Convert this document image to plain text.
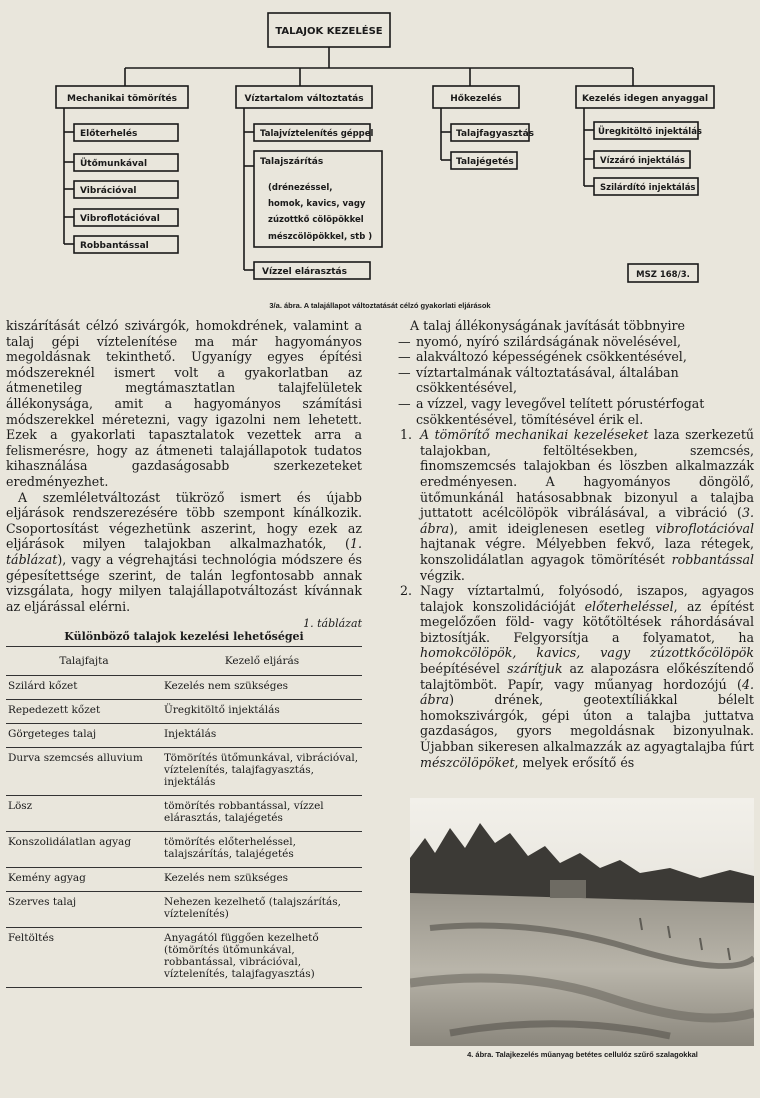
TALAJOK KEZELÉSE
Mechanikai tömörítés	Víztartalom változtatás	Hőkezelés	Kezelés idegen anyaggal
Előterhelés
Ütőmunkával
Vibrációval
Vibroflotációval
Robbantással
Talajvíztelenítés géppel
Talajszárítás
(drénezéssel,
homok, kavics, vagy
zúzottkő cölöpökkel
mészcölöpökkel, stb )
Vízzel elárasztás
Talajfagyasztás
Talajégetés
Üregkitöltő injektálás
Vízzáró injektálás
Szilárdító injektálás
MSZ 168/3.
3/a. ábra. A talajállapot változtatását célzó gyakorlati eljárások

kiszárítását célzó szivárgók, homokdrének, valamint a talaj gépi víztelenítése ma már hagyományos megoldásnak tekinthető. Ugyanígy egyes építési módszereknél ismert volt a gyakorlatban az átmenetileg megtámasztatlan talajfelületek állékonysága, amit a hagyományos számítási módszerekkel méretezni, vagy igazolni nem lehetett. Ezek a gyakorlati tapasztalatok vezettek arra a felismerésre, hogy az átmeneti talajállapotok tudatos kihasználása gazdaságosabb szerkezeteket eredményezhet.

A szemléletváltozást tükröző ismert és újabb eljárások rendszerezésére több szempont kínálkozik. Csoportosítást végezhetünk aszerint, hogy ezek az eljárások milyen talajokban alkalmazhatók, (1. táblázat), vagy a végrehajtási technológia módszere és gépesítettsége szerint, de talán legfontosabb annak vizsgálata, hogy milyen talajállapotváltozást kívánnak az eljárással elérni.

1. táblázat
Különböző talajok kezelési lehetőségei
Talajfajta	Kezelő eljárás
Szilárd kőzet	Kezelés nem szükséges
Repedezett kőzet	Üregkitöltő injektálás
Görgeteges talaj	Injektálás
Durva szemcsés alluvium	Tömörítés ütőmunkával, vibrációval, víztelenítés, talajfagyasztás, injektálás
Lösz	tömörítés robbantással, vízzel elárasztás, talajégetés
Konszolidálatlan agyag	tömörítés előterheléssel, talajszárítás, talajégetés
Kemény agyag	Kezelés nem szükséges
Szerves talaj	Nehezen kezelhető (talajszárítás, víztelenítés)
Feltöltés	Anyagától függően kezelhető (tömörítés ütőmunkával, robbantással, vibrációval, víztelenítés, talajfagyasztás)

A talaj állékonyságának javítását többnyire

— nyomó, nyíró szilárdságának növelésével,
— alakváltozó képességének csökkentésével,
— víztartalmának változtatásával, általában csökkentésével,
— a vízzel, vagy levegővel telített pórustérfogat csökkentésével, tömítésével érik el.
1. A tömörítő mechanikai kezeléseket laza szerkezetű talajokban, feltöltésekben, szemcsés, finomszemcsés talajokban és löszben alkalmazzák eredményesen. A hagyományos döngölő, ütőmunkánál hatásosabbnak bizonyul a talajba juttatott acélcölöpök vibrálásával, a vibráció (3. ábra), amit ideiglenesen esetleg vibroflotációval hajtanak végre. Mélyebben fekvő, laza rétegek, konszolidálatlan agyagok tömörítését robbantással végzik.
2. Nagy víztartalmú, folyósodó, iszapos, agyagos talajok konszolidációját előterheléssel, az építést megelőzően föld- vagy kötőtöltések ráhordásával biztosítják. Felgyorsítja a folyamatot, ha homokcölöpök, kavics, vagy zúzottkőcölöpök beépítésével szárítjuk az alapozásra előkészítendő talajtömböt. Papír, vagy műanyag hordozójú (4. ábra) drének, geotextíliákkal bélelt homokszivárgók, gépi úton a talajba juttatva gazdaságos, gyors megoldásnak bizonyulnak. Újabban sikeresen alkalmazzák az agyagtalajba fúrt mészcölöpöket, melyek erősítő és
4. ábra. Talajkezelés műanyag betétes cellulóz szűrő szalagokkal
